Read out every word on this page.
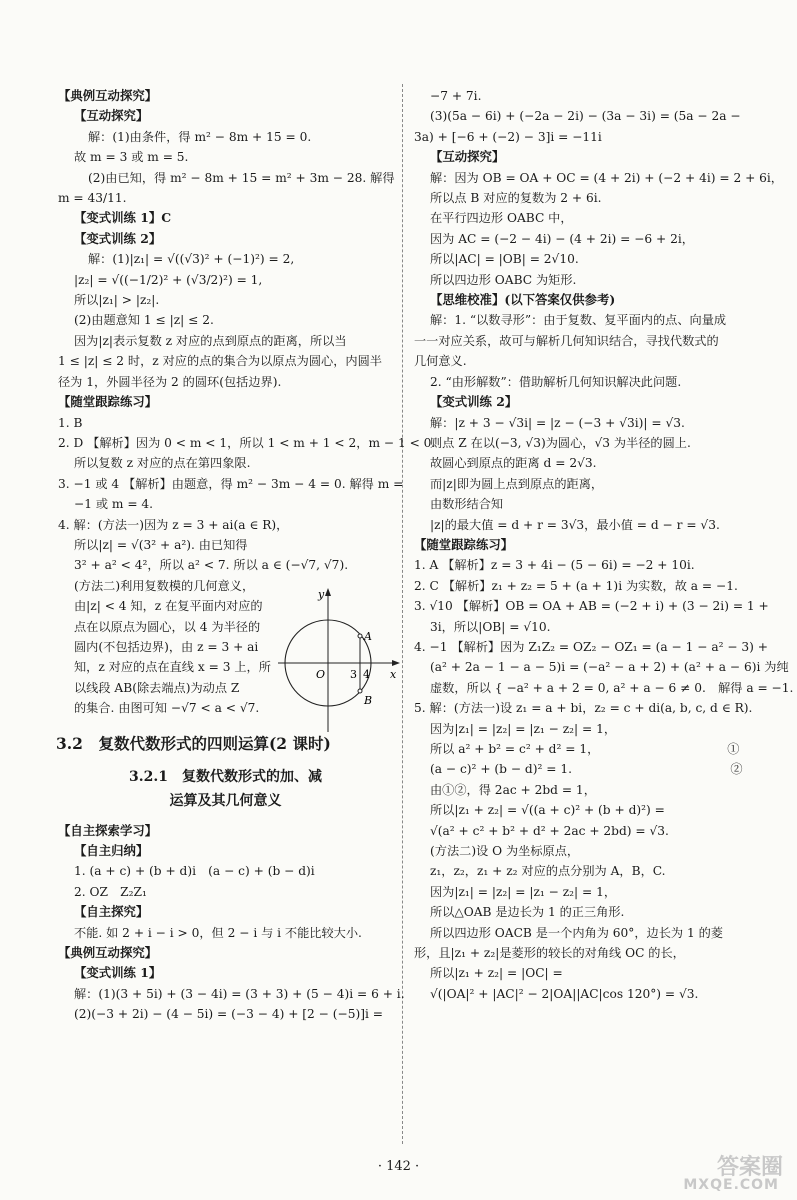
【典例互动探究】
【互动探究】
解：(1)由条件，得 m² − 8m + 15 = 0.
故 m = 3 或 m = 5.
(2)由已知，得 m² − 8m + 15 = m² + 3m − 28. 解得
m = 43/11.
【变式训练 1】C
【变式训练 2】
解：(1)|z₁| = √((√3)² + (−1)²) = 2,
|z₂| = √((−1/2)² + (√3/2)²) = 1,
所以|z₁| > |z₂|.
(2)由题意知 1 ≤ |z| ≤ 2.
因为|z|表示复数 z 对应的点到原点的距离，所以当
1 ≤ |z| ≤ 2 时，z 对应的点的集合为以原点为圆心，内圆半
径为 1，外圆半径为 2 的圆环(包括边界).
【随堂跟踪练习】
1. B
2. D 【解析】因为 0 < m < 1，所以 1 < m + 1 < 2，m − 1 < 0.
所以复数 z 对应的点在第四象限.
3. −1 或 4 【解析】由题意，得 m² − 3m − 4 = 0. 解得 m =
−1 或 m = 4.
4. 解：(方法一)因为 z = 3 + ai(a ∈ R)，
所以|z| = √(3² + a²). 由已知得
3² + a² < 4²，所以 a² < 7. 所以 a ∈ (−√7, √7).
(方法二)利用复数模的几何意义，
由|z| < 4 知，z 在复平面内对应的
点在以原点为圆心，以 4 为半径的
圆内(不包括边界)，由 z = 3 + ai
知，z 对应的点在直线 x = 3 上，所
以线段 AB(除去端点)为动点 Z
的集合. 由图可知 −√7 < a < √7.
3.2　复数代数形式的四则运算(2 课时)
3.2.1　复数代数形式的加、减
运算及其几何意义
【自主探索学习】
【自主归纳】
1. (a + c) + (b + d)i　(a − c) + (b − d)i
2. OZ　Z₂Z₁
【自主探究】
不能. 如 2 + i − i > 0，但 2 − i 与 i 不能比较大小.
【典例互动探究】
【变式训练 1】
解：(1)(3 + 5i) + (3 − 4i) = (3 + 3) + (5 − 4)i = 6 + i.
(2)(−3 + 2i) − (4 − 5i) = (−3 − 4) + [2 − (−5)]i =
y
x
O 3 4
A
B
−7 + 7i.
(3)(5a − 6i) + (−2a − 2i) − (3a − 3i) = (5a − 2a −
3a) + [−6 + (−2) − 3]i = −11i
【互动探究】
解：因为 OB = OA + OC = (4 + 2i) + (−2 + 4i) = 2 + 6i，
所以点 B 对应的复数为 2 + 6i.
在平行四边形 OABC 中，
因为 AC = (−2 − 4i) − (4 + 2i) = −6 + 2i，
所以|AC| = |OB| = 2√10.
所以四边形 OABC 为矩形.
【思维校准】(以下答案仅供参考)
解：1. “以数寻形”：由于复数、复平面内的点、向量成
一一对应关系，故可与解析几何知识结合，寻找代数式的
几何意义.
2. “由形解数”：借助解析几何知识解决此问题.
【变式训练 2】
解：|z + 3 − √3i| = |z − (−3 + √3i)| = √3.
则点 Z 在以(−3, √3)为圆心，√3 为半径的圆上.
故圆心到原点的距离 d = 2√3.
而|z|即为圆上点到原点的距离，
由数形结合知
|z|的最大值 = d + r = 3√3，最小值 = d − r = √3.
【随堂跟踪练习】
1. A 【解析】z = 3 + 4i − (5 − 6i) = −2 + 10i.
2. C 【解析】z₁ + z₂ = 5 + (a + 1)i 为实数，故 a = −1.
3. √10 【解析】OB = OA + AB = (−2 + i) + (3 − 2i) = 1 +
3i，所以|OB| = √10.
4. −1 【解析】因为 Z₁Z₂ = OZ₂ − OZ₁ = (a − 1 − a² − 3) +
(a² + 2a − 1 − a − 5)i = (−a² − a + 2) + (a² + a − 6)i 为纯
虚数，所以 { −a² + a + 2 = 0, a² + a − 6 ≠ 0.　解得 a = −1.
5. 解：(方法一)设 z₁ = a + bi，z₂ = c + di(a, b, c, d ∈ R).
因为|z₁| = |z₂| = |z₁ − z₂| = 1，
所以 a² + b² = c² + d² = 1，　　　　　　　　　　　①
(a − c)² + (b − d)² = 1.　　　　　　　　　　　　　②
由①②，得 2ac + 2bd = 1，
所以|z₁ + z₂| = √((a + c)² + (b + d)²) =
√(a² + c² + b² + d² + 2ac + 2bd) = √3.
(方法二)设 O 为坐标原点，
z₁，z₂，z₁ + z₂ 对应的点分别为 A，B，C.
因为|z₁| = |z₂| = |z₁ − z₂| = 1，
所以△OAB 是边长为 1 的正三角形.
所以四边形 OACB 是一个内角为 60°，边长为 1 的菱
形，且|z₁ + z₂|是菱形的较长的对角线 OC 的长，
所以|z₁ + z₂| = |OC| =
√(|OA|² + |AC|² − 2|OA||AC|cos 120°) = √3.
· 142 ·	答案圈
MXQE.COM
